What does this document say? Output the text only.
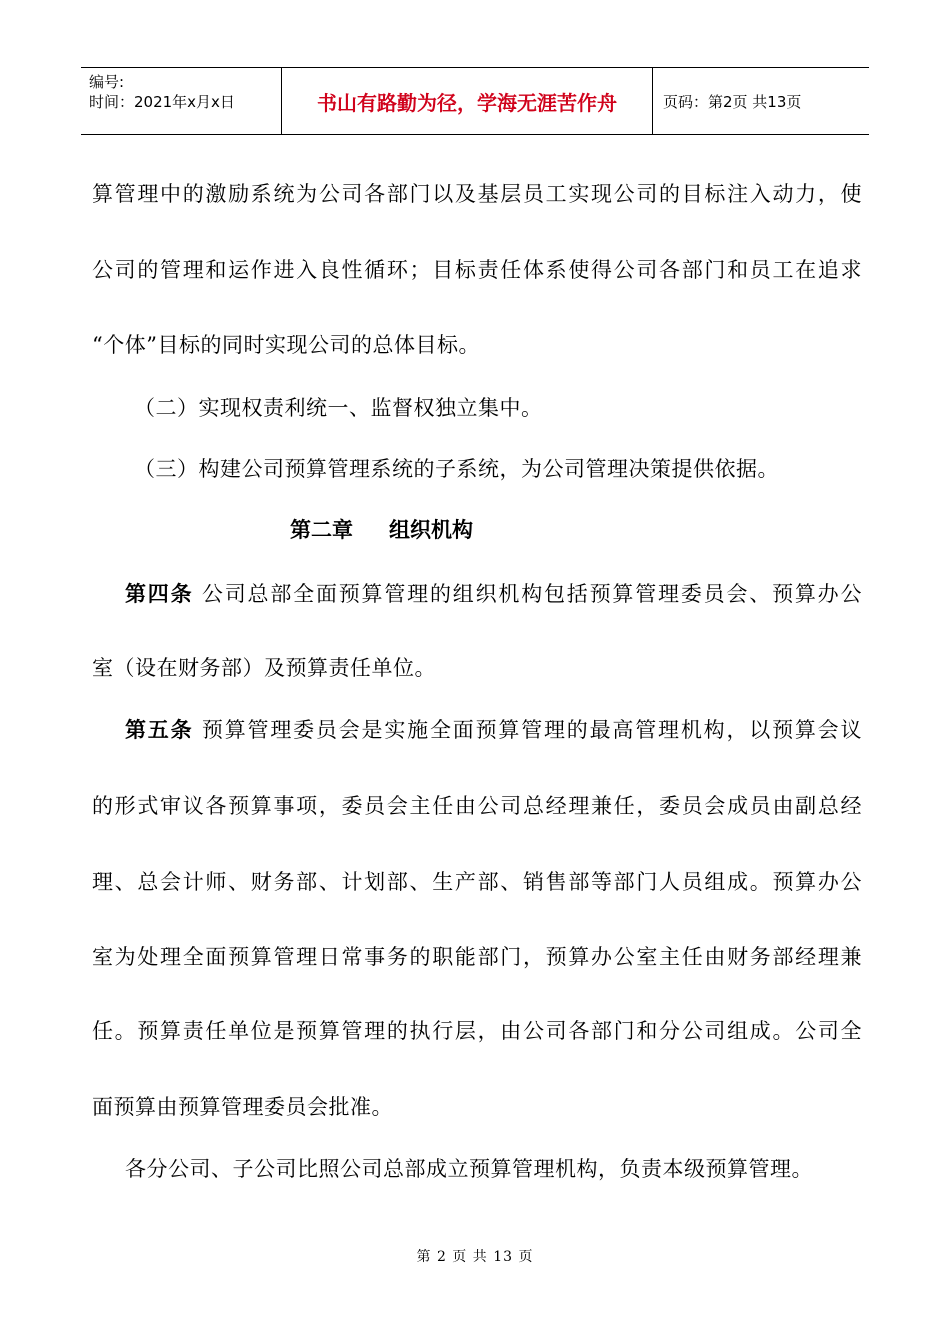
编号:
时间：2021年x月x日	书山有路勤为径，学海无涯苦作舟	页码：第2页 共13页
算管理中的激励系统为公司各部门以及基层员工实现公司的目标注入动力，使
公司的管理和运作进入良性循环；目标责任体系使得公司各部门和员工在追求
“个体”目标的同时实现公司的总体目标。
（二）实现权责利统一、监督权独立集中。
（三）构建公司预算管理系统的子系统，为公司管理决策提供依据。
第二章 组织机构
第四条 公司总部全面预算管理的组织机构包括预算管理委员会、预算办公
室（设在财务部）及预算责任单位。
第五条 预算管理委员会是实施全面预算管理的最高管理机构，以预算会议
的形式审议各预算事项，委员会主任由公司总经理兼任，委员会成员由副总经
理、总会计师、财务部、计划部、生产部、销售部等部门人员组成。预算办公
室为处理全面预算管理日常事务的职能部门，预算办公室主任由财务部经理兼
任。预算责任单位是预算管理的执行层，由公司各部门和分公司组成。公司全
面预算由预算管理委员会批准。
各分公司、子公司比照公司总部成立预算管理机构，负责本级预算管理。
第 2 页 共 13 页
